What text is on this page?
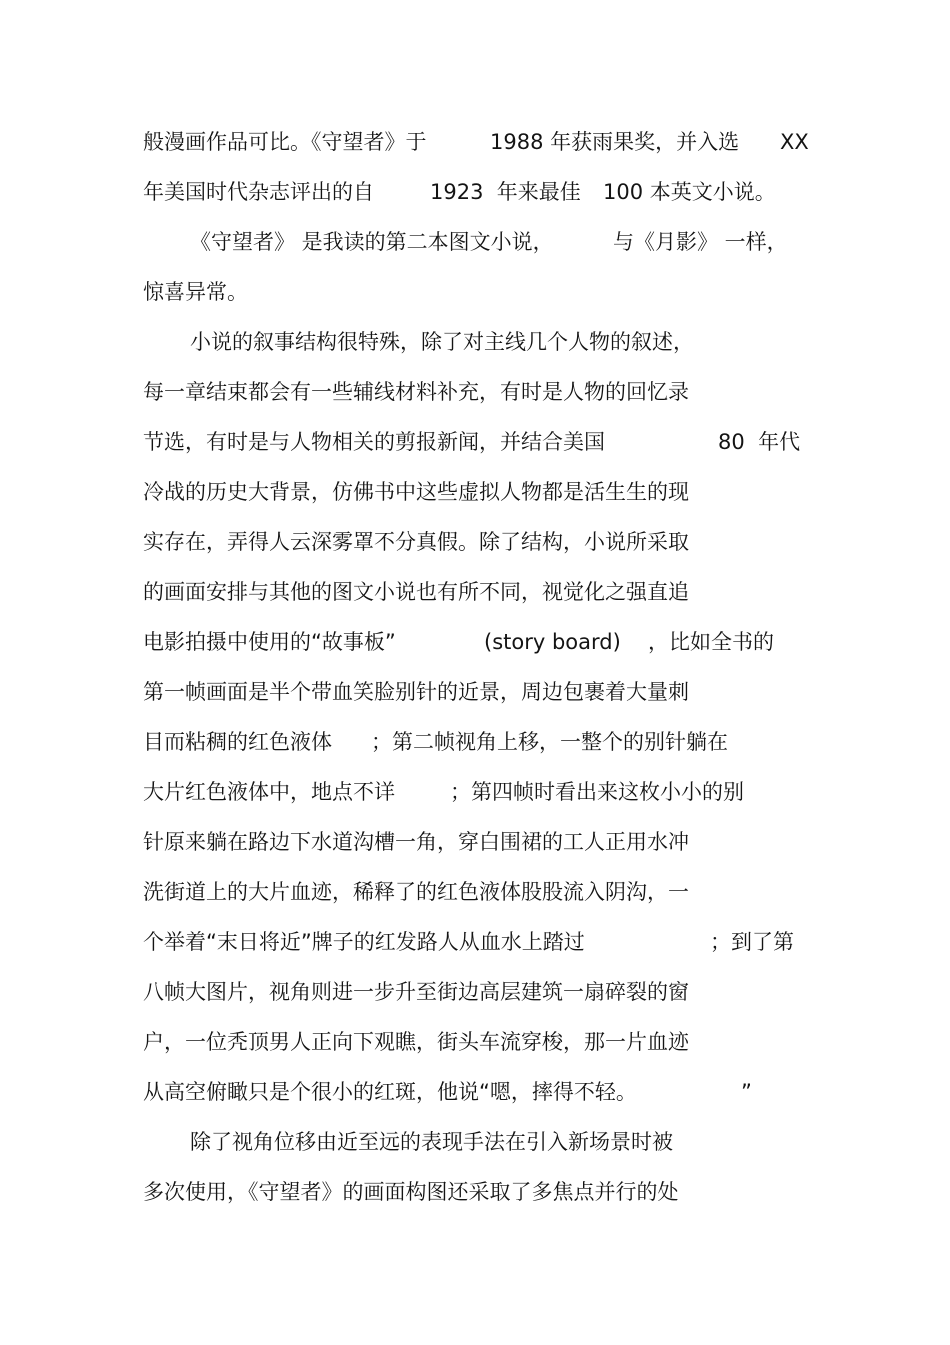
般漫画作品可比。《守望者》于

	1988 年获雨果奖，并入选

XX

年美国时代杂志评出的自

	1923  年来最佳

100 本英文小说。

《守望者》 是我读的第二本图文小说，

	与《月影》 一样，

惊喜异常。

小说的叙事结构很特殊，除了对主线几个人物的叙述，

每一章结束都会有一些辅线材料补充，有时是人物的回忆录

节选，有时是与人物相关的剪报新闻，并结合美国

	80  年代

冷战的历史大背景，仿佛书中这些虚拟人物都是活生生的现

实存在，弄得人云深雾罩不分真假。除了结构，小说所采取

的画面安排与其他的图文小说也有所不同，视觉化之强直追

电影拍摄中使用的“故事板”

	(story board)

，比如全书的

第一帧画面是半个带血笑脸别针的近景，周边包裹着大量刺

目而粘稠的红色液体

；第二帧视角上移，一整个的别针躺在

大片红色液体中，地点不详

	；第四帧时看出来这枚小小的别

针原来躺在路边下水道沟槽一角，穿白围裙的工人正用水冲

洗街道上的大片血迹，稀释了的红色液体股股流入阴沟，一

个举着“末日将近”牌子的红发路人从血水上踏过

	；到了第

八帧大图片，视角则进一步升至街边高层建筑一扇碎裂的窗

户，一位秃顶男人正向下观瞧，街头车流穿梭，那一片血迹

从高空俯瞰只是个很小的红斑，他说“嗯，摔得不轻。

	”

除了视角位移由近至远的表现手法在引入新场景时被

多次使用，《守望者》的画面构图还采取了多焦点并行的处
